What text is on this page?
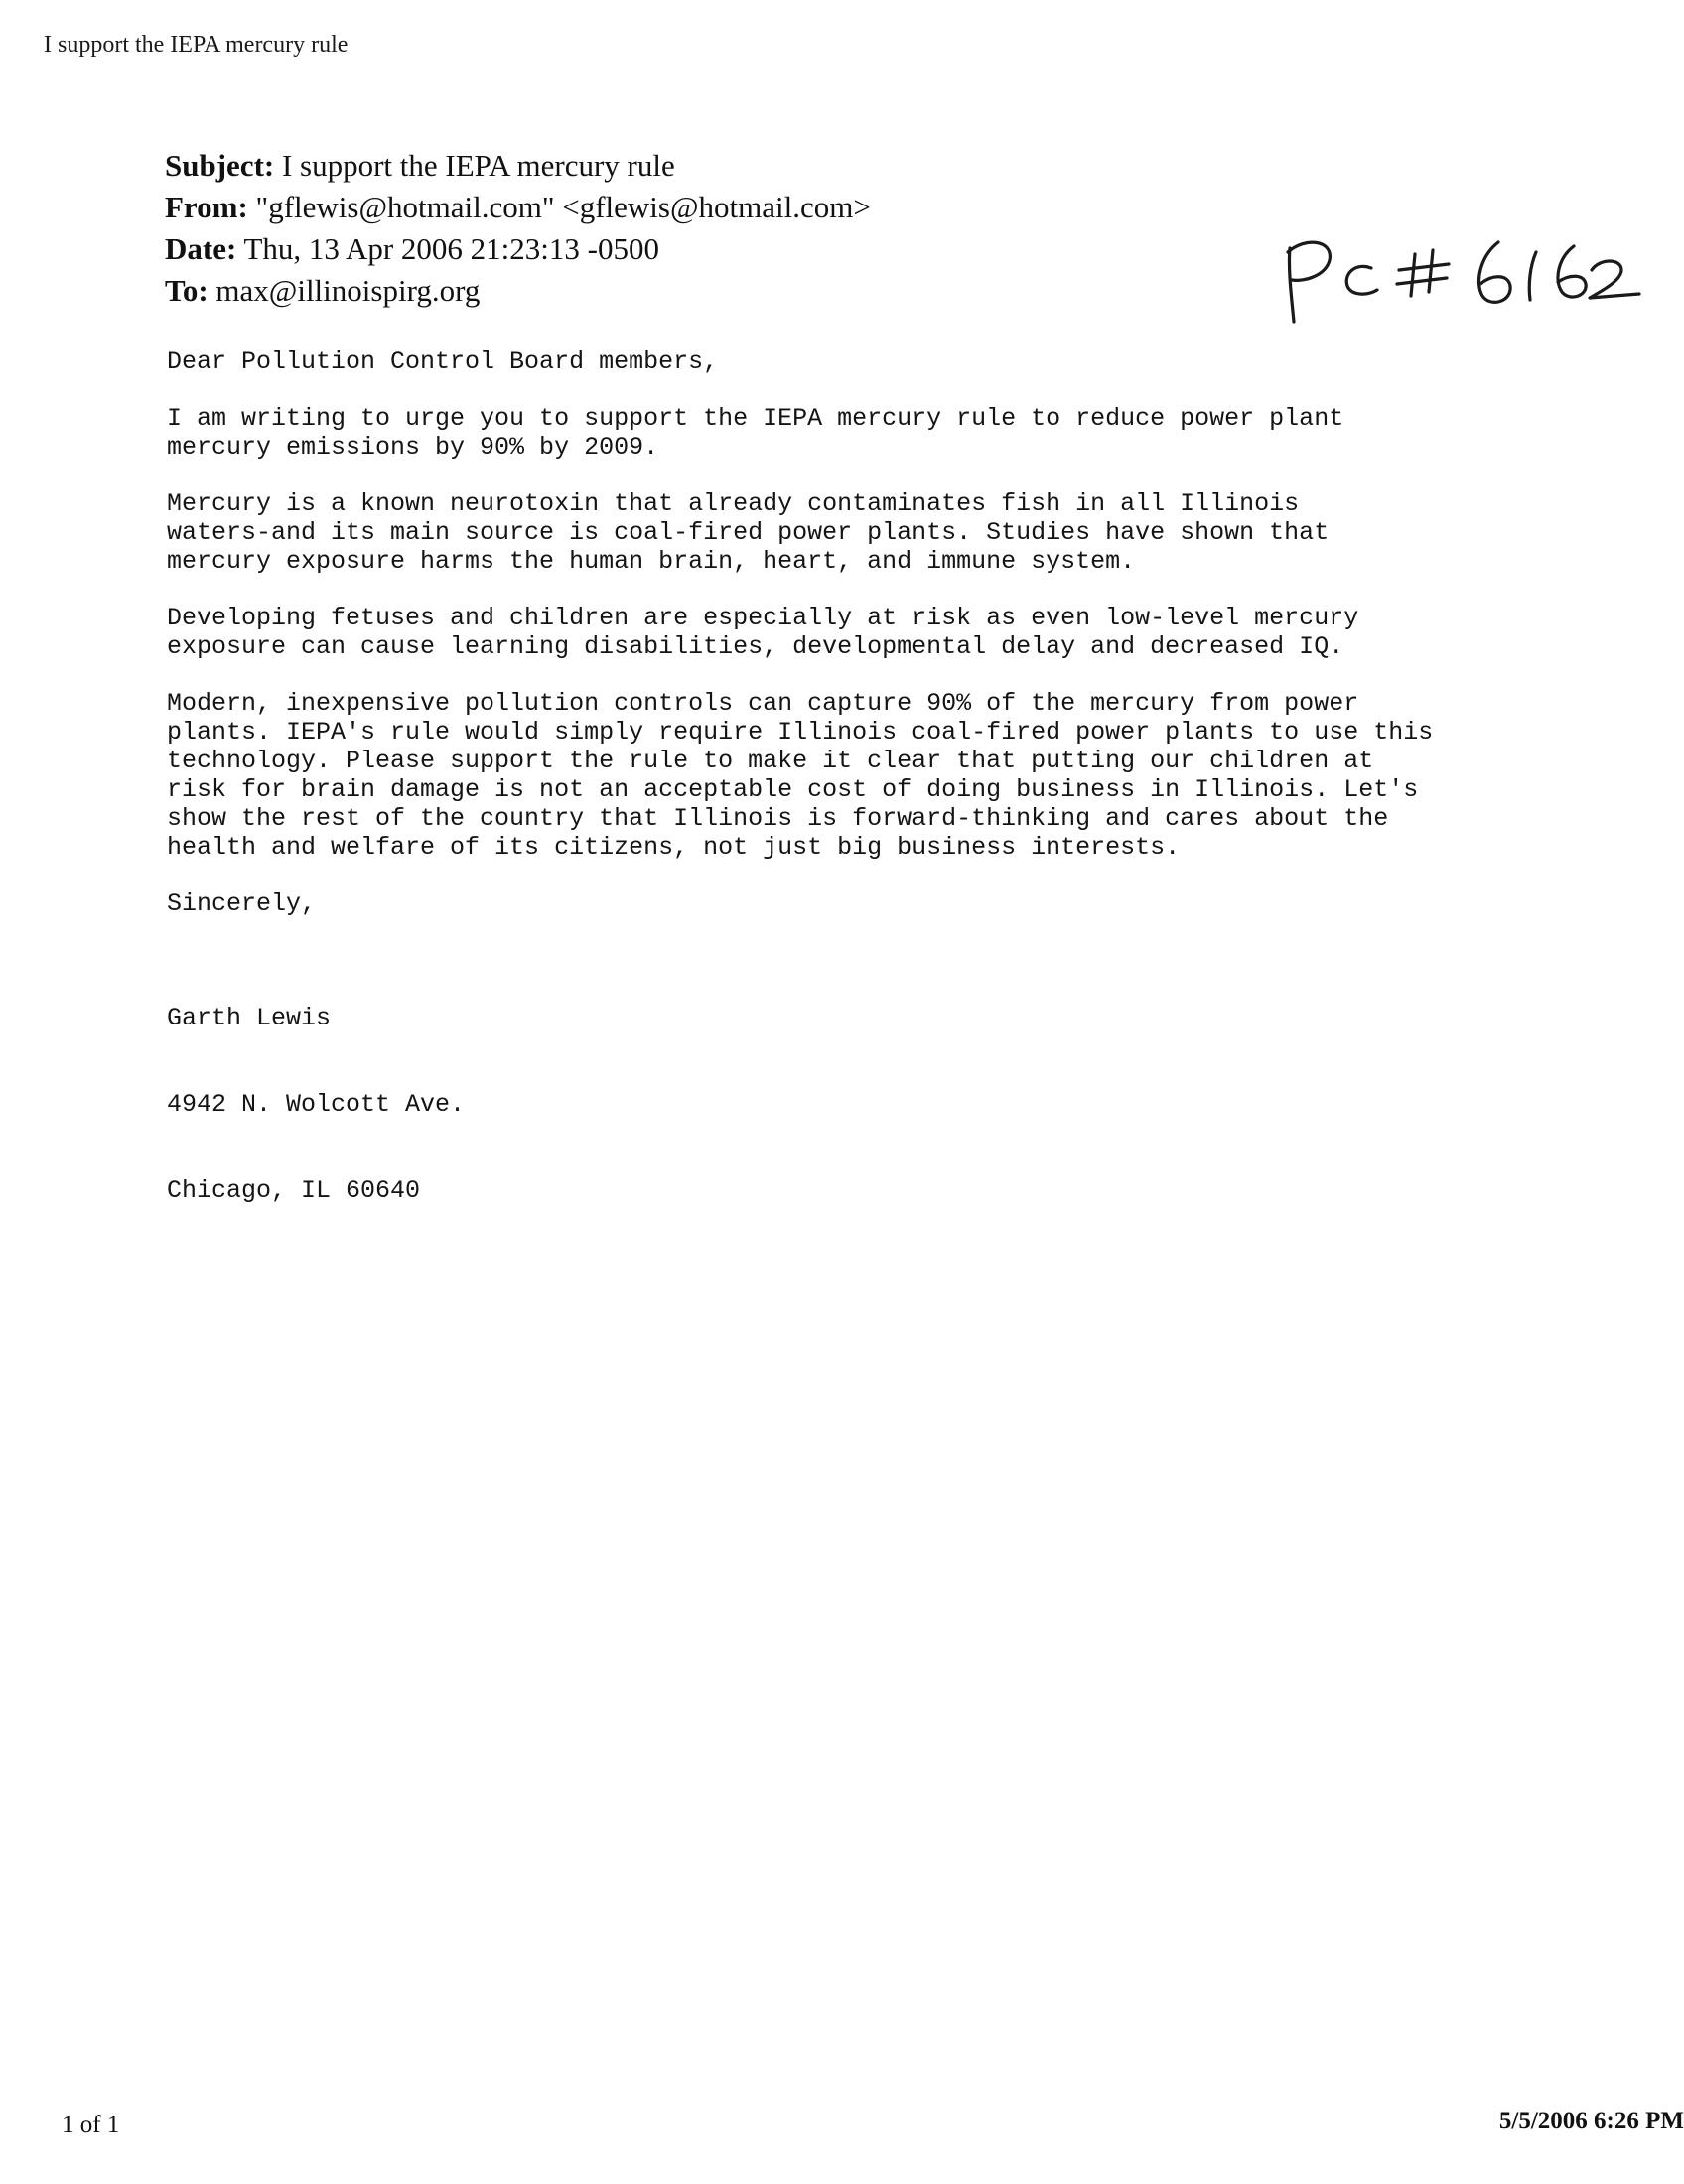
I support the IEPA mercury rule
Subject: I support the IEPA mercury rule
From: "gflewis@hotmail.com" <gflewis@hotmail.com>
Date: Thu, 13 Apr 2006 21:23:13 -0500
To: max@illinoispirg.org

Dear Pollution Control Board members,

I am writing to urge you to support the IEPA mercury rule to reduce power plant
mercury emissions by 90% by 2009.

Mercury is a known neurotoxin that already contaminates fish in all Illinois
waters-and its main source is coal-fired power plants. Studies have shown that
mercury exposure harms the human brain, heart, and immune system.

Developing fetuses and children are especially at risk as even low-level mercury
exposure can cause learning disabilities, developmental delay and decreased IQ.

Modern, inexpensive pollution controls can capture 90% of the mercury from power
plants. IEPA's rule would simply require Illinois coal-fired power plants to use this
technology. Please support the rule to make it clear that putting our children at
risk for brain damage is not an acceptable cost of doing business in Illinois. Let's
show the rest of the country that Illinois is forward-thinking and cares about the
health and welfare of its citizens, not just big business interests.

Sincerely,

Garth Lewis

4942 N. Wolcott Ave.

Chicago, IL 60640

1 of 1	5/5/2006 6:26 PM
